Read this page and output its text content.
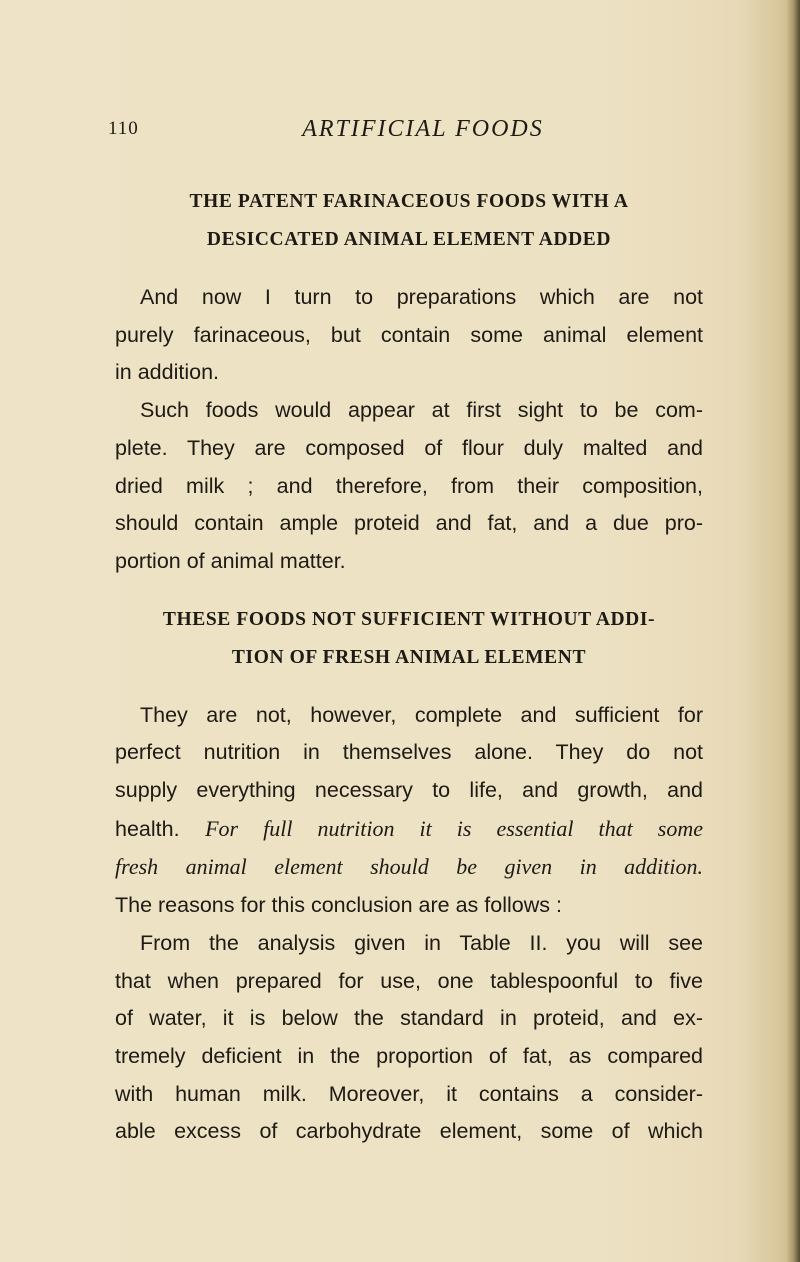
110	ARTIFICIAL FOODS
THE PATENT FARINACEOUS FOODS WITH A
DESICCATED ANIMAL ELEMENT ADDED

And now I turn to preparations which are not
purely farinaceous, but contain some animal element
in addition.

Such foods would appear at first sight to be com-
plete. They are composed of flour duly malted and
dried milk ; and therefore, from their composition,
should contain ample proteid and fat, and a due pro-
portion of animal matter.

THESE FOODS NOT SUFFICIENT WITHOUT ADDI-
TION OF FRESH ANIMAL ELEMENT

They are not, however, complete and sufficient for
perfect nutrition in themselves alone. They do not
supply everything necessary to life, and growth, and
health. For full nutrition it is essential that some
fresh animal element should be given in addition.
The reasons for this conclusion are as follows :

From the analysis given in Table II. you will see
that when prepared for use, one tablespoonful to five
of water, it is below the standard in proteid, and ex-
tremely deficient in the proportion of fat, as compared
with human milk. Moreover, it contains a consider-
able excess of carbohydrate element, some of which
